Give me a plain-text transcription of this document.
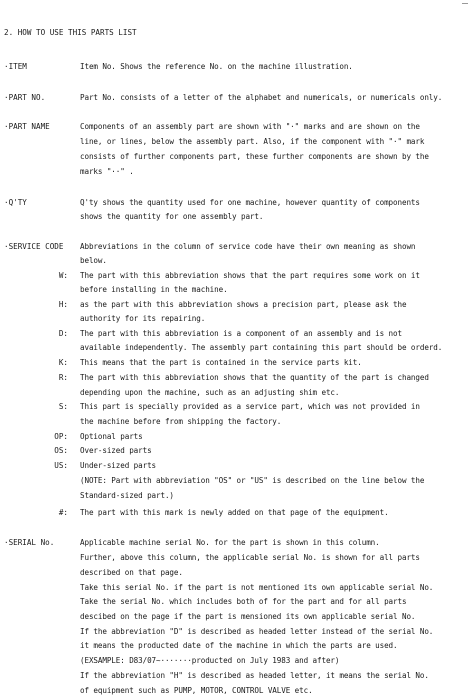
2. HOW TO USE THIS PARTS LIST
·ITEM	Item No. Shows the reference No. on the machine illustration.
·PART NO.	Part No. consists of a letter of the alphabet and numericals, or numericals only.
·PART NAME	Components of an assembly part are shown with "·" marks and are shown on the
line, or lines, below the assembly part. Also, if the component with "·" mark
consists of further components part, these further components are shown by the
marks "··" .
·Q'TY	Q'ty shows the quantity used for one machine, however quantity of components
shows the quantity for one assembly part.
·SERVICE CODE Abbreviations in the column of service code have their own meaning as shown
below.
W: The part with this abbreviation shows that the part requires some work on it
before installing in the machine.
H: as the part with this abbreviation shows a precision part, please ask the
authority for its repairing.
D: The part with this abbreviation is a component of an assembly and is not
available independently. The assembly part containing this part should be orderd.
K: This means that the part is contained in the service parts kit.
R: The part with this abbreviation shows that the quantity of the part is changed
depending upon the machine, such as an adjusting shim etc.
S: This part is specially provided as a service part, which was not provided in
the machine before from shipping the factory.
OP: Optional parts
OS: Over-sized parts
US: Under-sized parts
(NOTE: Part with abbreviation "OS" or "US" is described on the line below the
Standard-sized part.)
#: The part with this mark is newly added on that page of the equipment.
·SERIAL No.	Applicable machine serial No. for the part is shown in this column.
Further, above this column, the applicable serial No. is shown for all parts
described on that page.
Take this serial No. if the part is not mentioned its own applicable serial No.
Take the serial No. which includes both of for the part and for all parts
descibed on the page if the part is mensioned its own applicable serial No.
If the abbreviation "D" is described as headed letter instead of the serial No.
it means the producted date of the machine in which the parts are used.
(EXSAMPLE: D83/07~·······producted on July 1983 and after)
If the abbreviation "H" is described as headed letter, it means the serial No.
of equipment such as PUMP, MOTOR, CONTROL VALVE etc.
